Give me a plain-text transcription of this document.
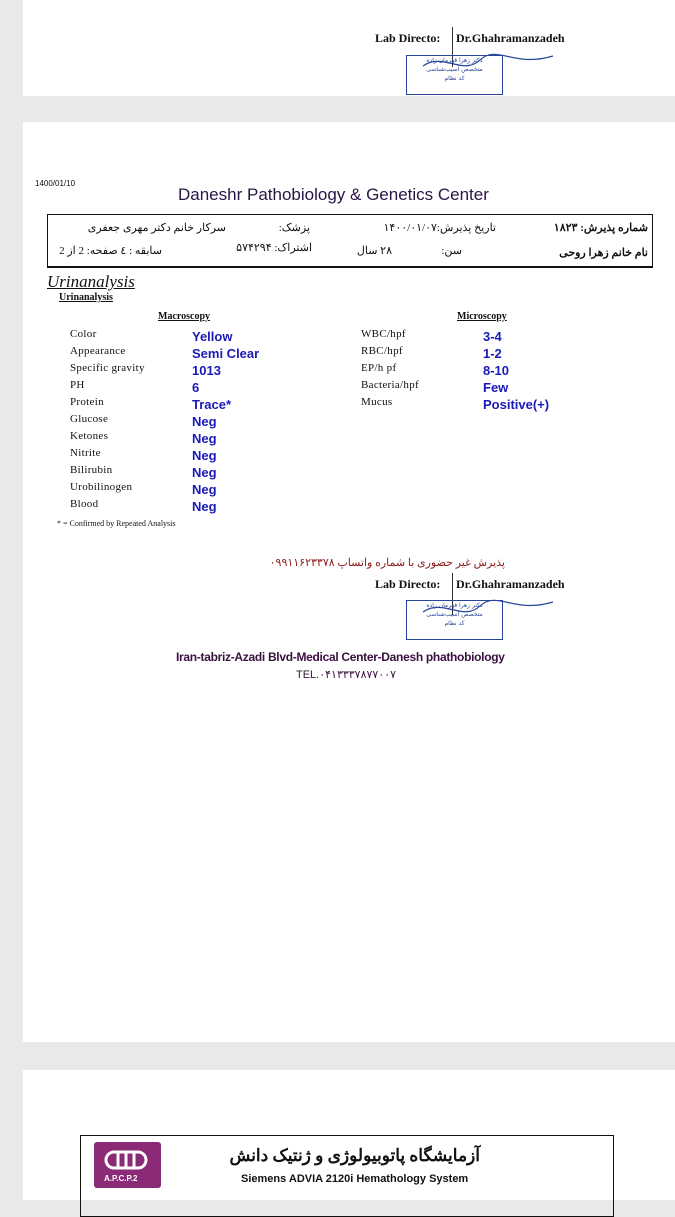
Lab Directo: Dr.Ghahramanzadeh
دکتر زهرا قهرمان زاده
متخصص آسیب‌شناسی
کد نظام
1400/01/10
Daneshr Pathobiology & Genetics Center
شماره پذیرش: ۱۸۲۳
تاریخ پذیرش:۱۴۰۰/۰۱/۰۷
پزشک:
سرکار خانم دکتر مهری جعفری
نام خانم زهرا روحی
سن:
۲۸ سال
اشتراک: ۵۷۴۲۹۴
سابقه : ٤ صفحه: 2 از 2
Urinanalysis
Urinanalysis
Macroscopy	Microscopy
Color	Yellow
Appearance	Semi Clear
Specific gravity	1013
PH	6
Protein	Trace*
Glucose	Neg
Ketones	Neg
Nitrite	Neg
Bilirubin	Neg
Urobilinogen	Neg
Blood	Neg
WBC/hpf	3-4
RBC/hpf	1-2
EP/h pf	8-10
Bacteria/hpf	Few
Mucus	Positive(+)
* = Confirmed by Repeated Analysis
پذیرش غیر حضوری با شماره واتساپ ۰۹۹۱۱۶۲۳۳۷۸
Lab Directo: Dr.Ghahramanzadeh
دکتر زهرا قهرمان زاده
متخصص آسیب‌شناسی
کد نظام
Iran-tabriz-Azadi Blvd-Medical Center-Danesh phathobiology
TEL.۰۴۱۳۳۳۷۸۷۷۰۰۷
A.P.C.P.2
آزمایشگاه پاتوبیولوژی و ژنتیک دانش
Siemens ADVIA 2120i Hemathology System
